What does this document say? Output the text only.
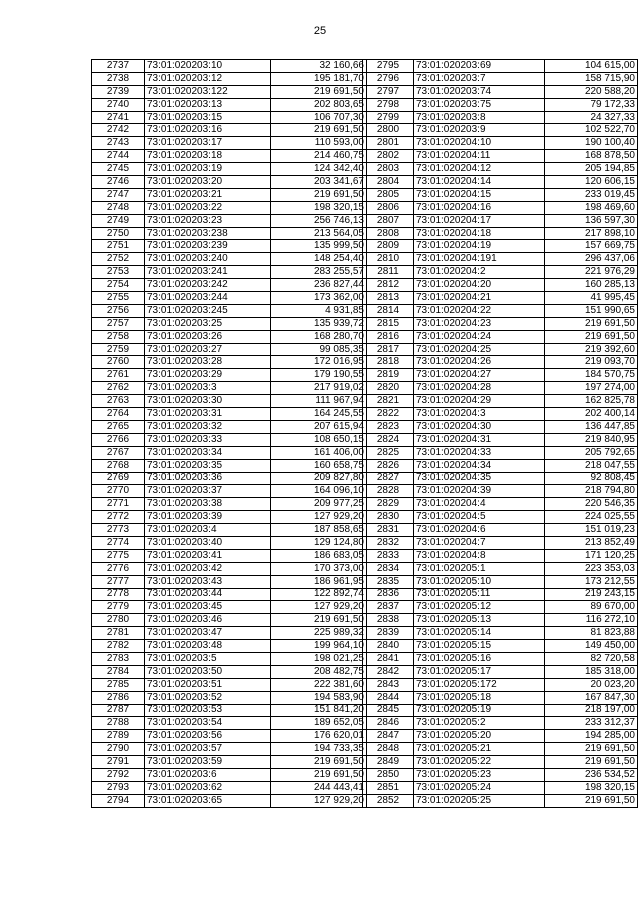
25
2737	73:01:020203:10	32 160,66
2738	73:01:020203:12	195 181,70
2739	73:01:020203:122	219 691,50
2740	73:01:020203:13	202 803,65
2741	73:01:020203:15	106 707,30
2742	73:01:020203:16	219 691,50
2743	73:01:020203:17	110 593,00
2744	73:01:020203:18	214 460,75
2745	73:01:020203:19	124 342,40
2746	73:01:020203:20	203 341,67
2747	73:01:020203:21	219 691,50
2748	73:01:020203:22	198 320,15
2749	73:01:020203:23	256 746,13
2750	73:01:020203:238	213 564,05
2751	73:01:020203:239	135 999,50
2752	73:01:020203:240	148 254,40
2753	73:01:020203:241	283 255,57
2754	73:01:020203:242	236 827,44
2755	73:01:020203:244	173 362,00
2756	73:01:020203:245	4 931,85
2757	73:01:020203:25	135 939,72
2758	73:01:020203:26	168 280,70
2759	73:01:020203:27	99 085,35
2760	73:01:020203:28	172 016,95
2761	73:01:020203:29	179 190,55
2762	73:01:020203:3	217 919,02
2763	73:01:020203:30	111 967,94
2764	73:01:020203:31	164 245,55
2765	73:01:020203:32	207 615,94
2766	73:01:020203:33	108 650,15
2767	73:01:020203:34	161 406,00
2768	73:01:020203:35	160 658,75
2769	73:01:020203:36	209 827,80
2770	73:01:020203:37	164 096,10
2771	73:01:020203:38	209 977,25
2772	73:01:020203:39	127 929,20
2773	73:01:020203:4	187 858,65
2774	73:01:020203:40	129 124,80
2775	73:01:020203:41	186 683,05
2776	73:01:020203:42	170 373,00
2777	73:01:020203:43	186 961,95
2778	73:01:020203:44	122 892,74
2779	73:01:020203:45	127 929,20
2780	73:01:020203:46	219 691,50
2781	73:01:020203:47	225 989,32
2782	73:01:020203:48	199 964,10
2783	73:01:020203:5	198 021,25
2784	73:01:020203:50	208 482,75
2785	73:01:020203:51	222 381,60
2786	73:01:020203:52	194 583,90
2787	73:01:020203:53	151 841,20
2788	73:01:020203:54	189 652,05
2789	73:01:020203:56	176 620,01
2790	73:01:020203:57	194 733,35
2791	73:01:020203:59	219 691,50
2792	73:01:020203:6	219 691,50
2793	73:01:020203:62	244 443,41
2794	73:01:020203:65	127 929,20
2795	73:01:020203:69	104 615,00
2796	73:01:020203:7	158 715,90
2797	73:01:020203:74	220 588,20
2798	73:01:020203:75	79 172,33
2799	73:01:020203:8	24 327,33
2800	73:01:020203:9	102 522,70
2801	73:01:020204:10	190 100,40
2802	73:01:020204:11	168 878,50
2803	73:01:020204:12	205 194,85
2804	73:01:020204:14	120 606,15
2805	73:01:020204:15	233 019,45
2806	73:01:020204:16	198 469,60
2807	73:01:020204:17	136 597,30
2808	73:01:020204:18	217 898,10
2809	73:01:020204:19	157 669,75
2810	73:01:020204:191	296 437,06
2811	73:01:020204:2	221 976,29
2812	73:01:020204:20	160 285,13
2813	73:01:020204:21	41 995,45
2814	73:01:020204:22	151 990,65
2815	73:01:020204:23	219 691,50
2816	73:01:020204:24	219 691,50
2817	73:01:020204:25	219 392,60
2818	73:01:020204:26	219 093,70
2819	73:01:020204:27	184 570,75
2820	73:01:020204:28	197 274,00
2821	73:01:020204:29	162 825,78
2822	73:01:020204:3	202 400,14
2823	73:01:020204:30	136 447,85
2824	73:01:020204:31	219 840,95
2825	73:01:020204:33	205 792,65
2826	73:01:020204:34	218 047,55
2827	73:01:020204:35	92 808,45
2828	73:01:020204:39	218 794,80
2829	73:01:020204:4	220 546,35
2830	73:01:020204:5	224 025,55
2831	73:01:020204:6	151 019,23
2832	73:01:020204:7	213 852,49
2833	73:01:020204:8	171 120,25
2834	73:01:020205:1	223 353,03
2835	73:01:020205:10	173 212,55
2836	73:01:020205:11	219 243,15
2837	73:01:020205:12	89 670,00
2838	73:01:020205:13	116 272,10
2839	73:01:020205:14	81 823,88
2840	73:01:020205:15	149 450,00
2841	73:01:020205:16	82 720,58
2842	73:01:020205:17	185 318,00
2843	73:01:020205:172	20 023,20
2844	73:01:020205:18	167 847,30
2845	73:01:020205:19	218 197,00
2846	73:01:020205:2	233 312,37
2847	73:01:020205:20	194 285,00
2848	73:01:020205:21	219 691,50
2849	73:01:020205:22	219 691,50
2850	73:01:020205:23	236 534,52
2851	73:01:020205:24	198 320,15
2852	73:01:020205:25	219 691,50
